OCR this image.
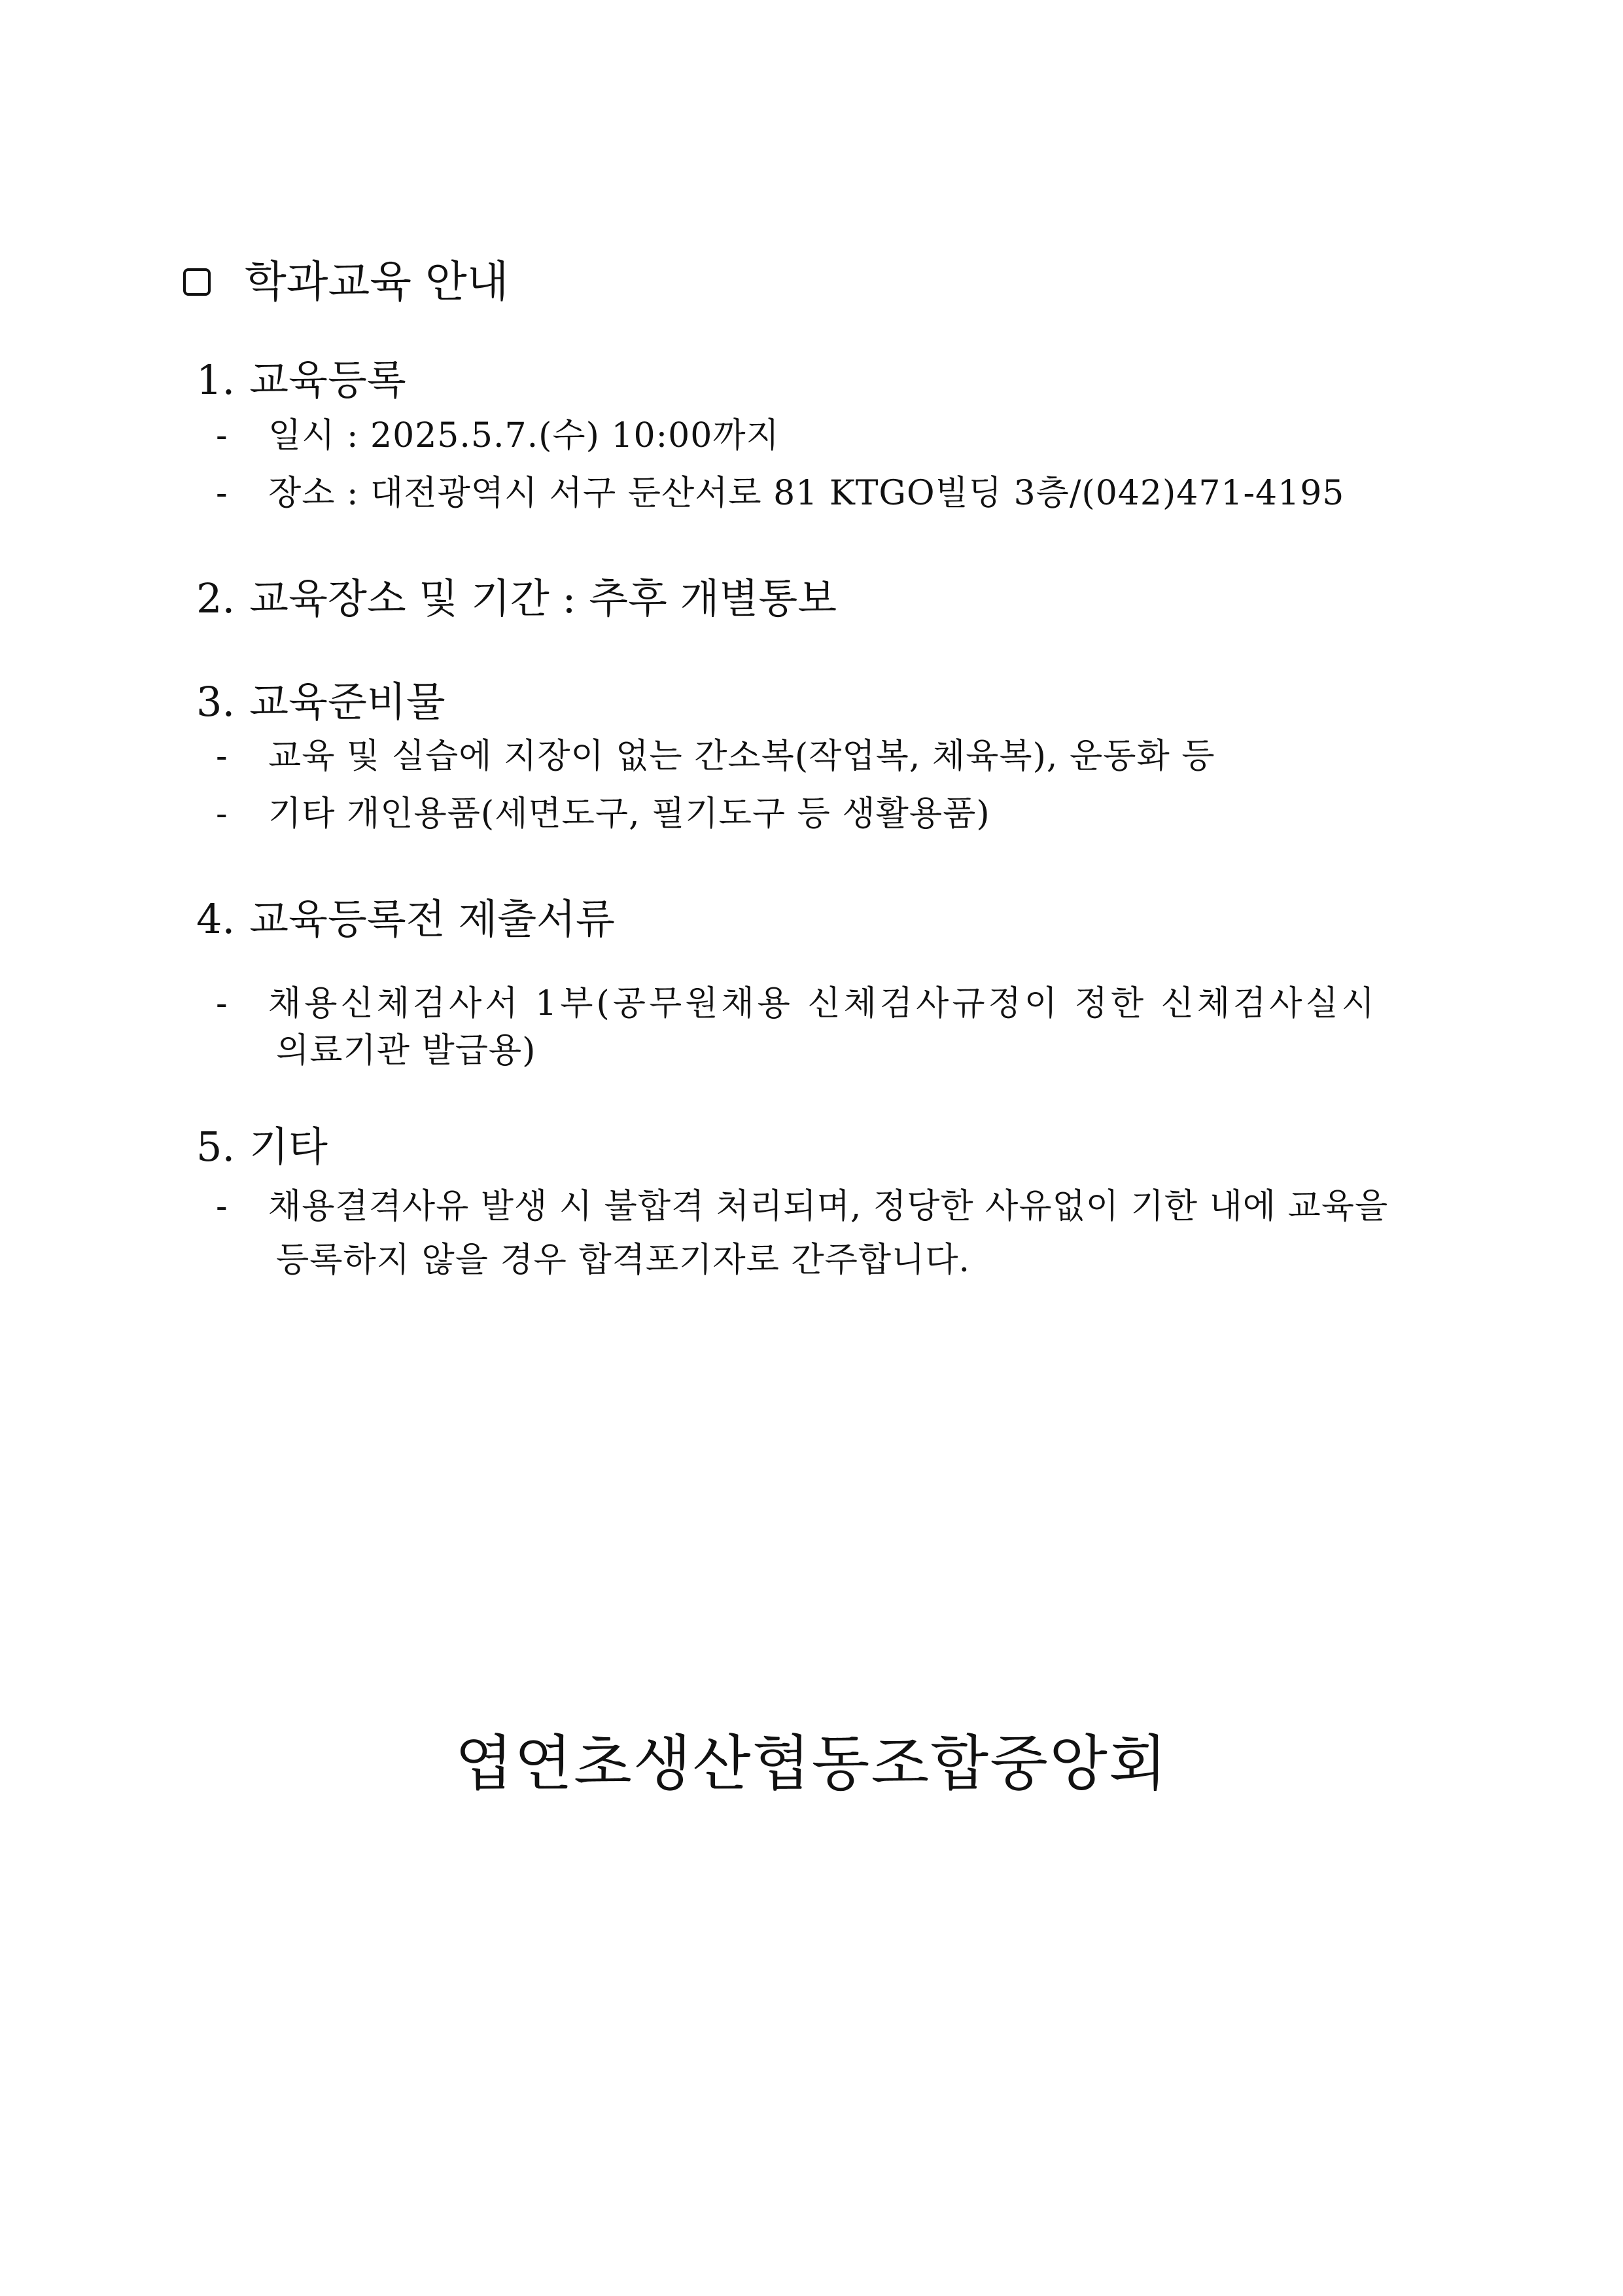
학과교육 안내
1. 교육등록
- 일시 : 2025.5.7.(수) 10:00까지
- 장소 : 대전광역시 서구 둔산서로 81 KTGO빌딩 3층/(042)471-4195
2. 교육장소 및 기간 : 추후 개별통보
3. 교육준비물
- 교육 및 실습에 지장이 없는 간소복(작업복, 체육복), 운동화 등
- 기타 개인용품(세면도구, 필기도구 등 생활용품)
4. 교육등록전 제출서류
- 채용신체검사서 1부(공무원채용 신체검사규정이 정한 신체검사실시
의료기관 발급용)
5. 기타
- 채용결격사유 발생 시 불합격 처리되며, 정당한 사유없이 기한 내에 교육을
등록하지 않을 경우 합격포기자로 간주합니다.
엽연초생산협동조합중앙회
